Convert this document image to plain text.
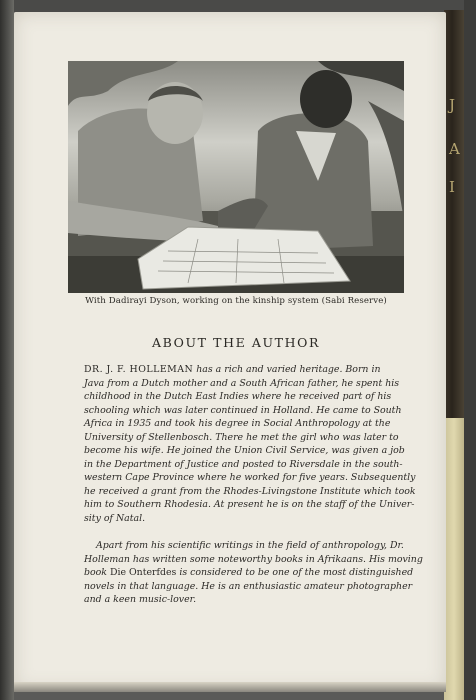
J
A
I
With Dadirayi Dyson, working on the kinship system (Sabi Reserve)
ABOUT THE AUTHOR
DR. J. F. HOLLEMAN has a rich and varied heritage. Born in
Java from a Dutch mother and a South African father, he spent his
childhood in the Dutch East Indies where he received part of his
schooling which was later continued in Holland. He came to South
Africa in 1935 and took his degree in Social Anthropology at the
University of Stellenbosch. There he met the girl who was later to
become his wife. He joined the Union Civil Service, was given a job
in the Department of Justice and posted to Riversdale in the south-
western Cape Province where he worked for five years. Subsequently
he received a grant from the Rhodes-Livingstone Institute which took
him to Southern Rhodesia. At present he is on the staff of the Univer-
sity of Natal.
Apart from his scientific writings in the field of anthropology, Dr.
Holleman has written some noteworthy books in Afrikaans. His moving
book Die Onterfdes is considered to be one of the most distinguished
novels in that language. He is an enthusiastic amateur photographer
and a keen music-lover.
